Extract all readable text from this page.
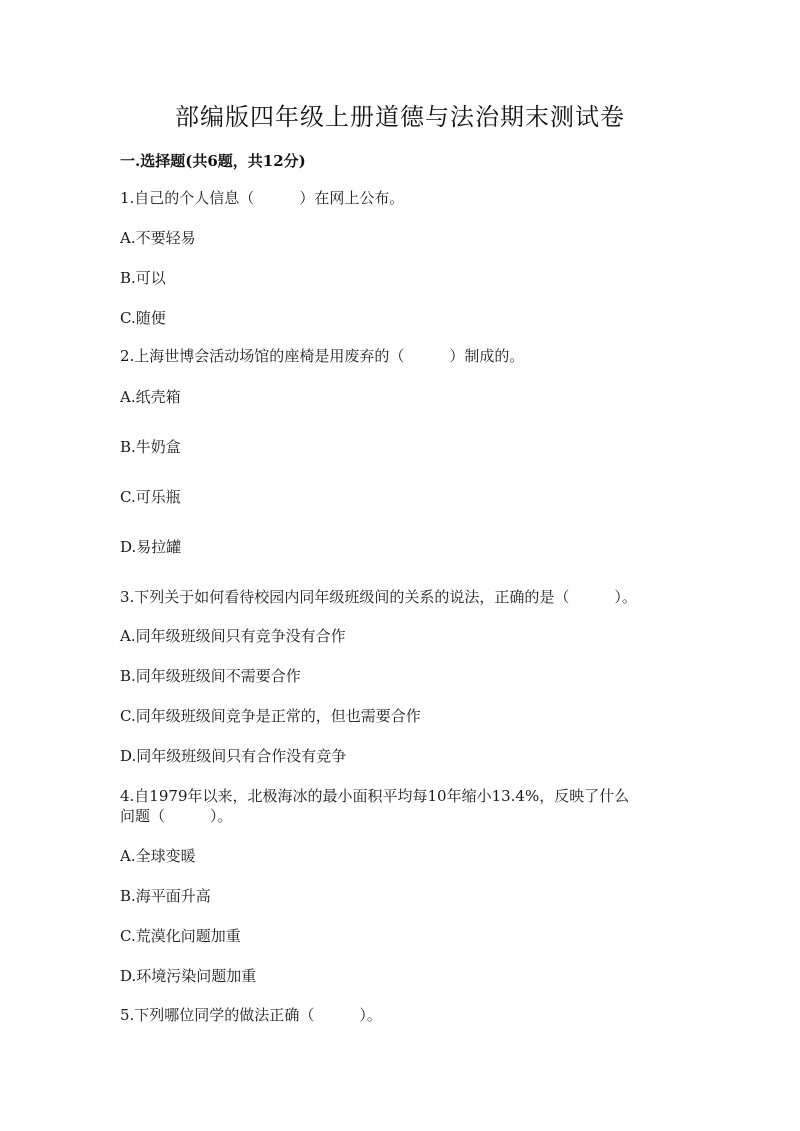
部编版四年级上册道德与法治期末测试卷
一.选择题(共6题，共12分)
1.自己的个人信息（　　　）在网上公布。
A.不要轻易
B.可以
C.随便
2.上海世博会活动场馆的座椅是用废弃的（　　　）制成的。
A.纸壳箱
B.牛奶盒
C.可乐瓶
D.易拉罐
3.下列关于如何看待校园内同年级班级间的关系的说法，正确的是（　　　）。
A.同年级班级间只有竞争没有合作
B.同年级班级间不需要合作
C.同年级班级间竞争是正常的，但也需要合作
D.同年级班级间只有合作没有竞争
4.自1979年以来，北极海冰的最小面积平均每10年缩小13.4%，反映了什么
问题（　　　）。
A.全球变暖
B.海平面升高
C.荒漠化问题加重
D.环境污染问题加重
5.下列哪位同学的做法正确（　　　）。
